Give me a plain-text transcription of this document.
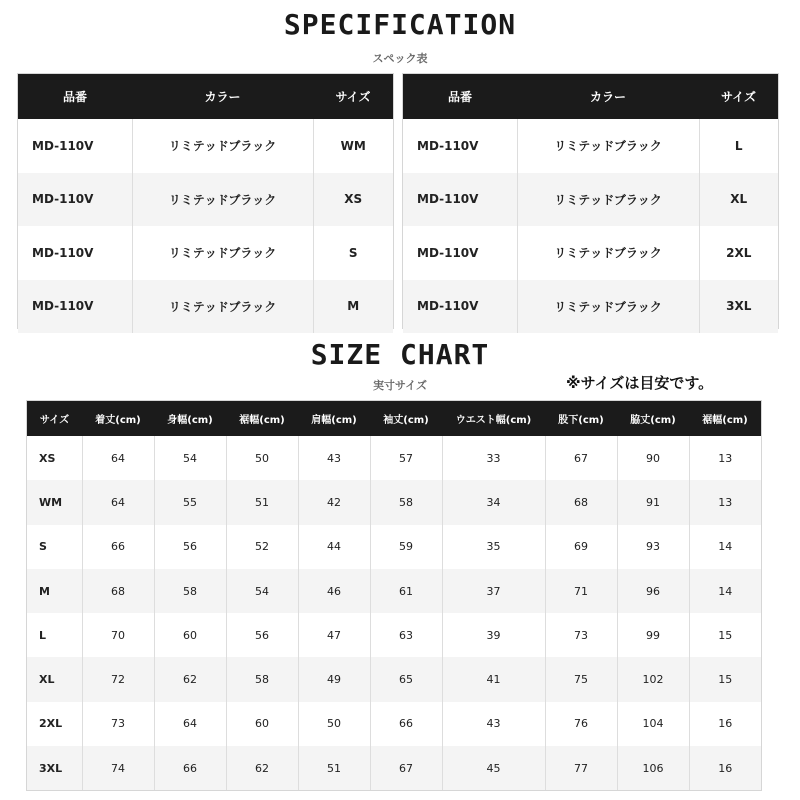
SPECIFICATION
スペック表
品番	カラー	サイズ
MD-110V	リミテッドブラック	WM
MD-110V	リミテッドブラック	XS
MD-110V	リミテッドブラック	S
MD-110V	リミテッドブラック	M
品番	カラー	サイズ
MD-110V	リミテッドブラック	L
MD-110V	リミテッドブラック	XL
MD-110V	リミテッドブラック	2XL
MD-110V	リミテッドブラック	3XL
SIZE CHART
実寸サイズ	※サイズは目安です。
サイズ	着丈(cm)	身幅(cm)	裾幅(cm)	肩幅(cm)	袖丈(cm)	ウエスト幅(cm)	股下(cm)	脇丈(cm)	裾幅(cm)
XS	64	54	50	43	57	33	67	90	13
WM	64	55	51	42	58	34	68	91	13
S	66	56	52	44	59	35	69	93	14
M	68	58	54	46	61	37	71	96	14
L	70	60	56	47	63	39	73	99	15
XL	72	62	58	49	65	41	75	102	15
2XL	73	64	60	50	66	43	76	104	16
3XL	74	66	62	51	67	45	77	106	16
